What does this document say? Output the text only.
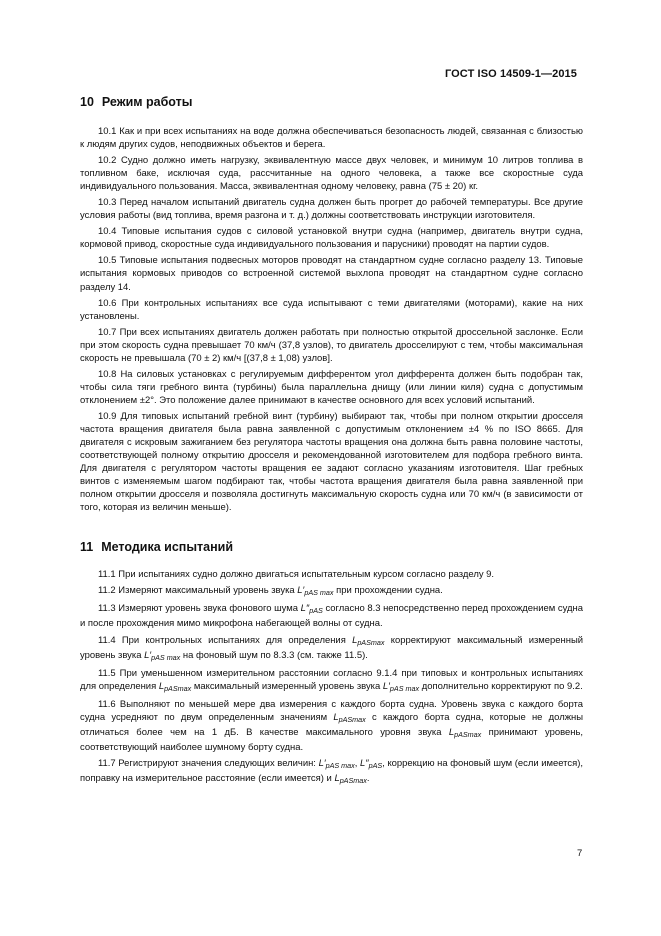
ГОСТ ISO 14509-1—2015
10 Режим работы

10.1 Как и при всех испытаниях на воде должна обеспечиваться безопасность людей, связанная с близостью к людям других судов, неподвижных объектов и берега.

10.2 Судно должно иметь нагрузку, эквивалентную массе двух человек, и минимум 10 литров топлива в топливном баке, исключая суда, рассчитанные на одного человека, а также все скоростные суда индивидуального пользования. Масса, эквивалентная одному человеку, равна (75 ± 20) кг.

10.3 Перед началом испытаний двигатель судна должен быть прогрет до рабочей температуры. Все другие условия работы (вид топлива, время разгона и т. д.) должны соответствовать инструкции изготовителя.

10.4 Типовые испытания судов с силовой установкой внутри судна (например, двигатель внутри судна, кормовой привод, скоростные суда индивидуального пользования и парусники) проводят на партии судов.

10.5 Типовые испытания подвесных моторов проводят на стандартном судне согласно разделу 13. Типовые испытания кормовых приводов со встроенной системой выхлопа проводят на стандартном судне согласно разделу 14.

10.6 При контрольных испытаниях все суда испытывают с теми двигателями (моторами), какие на них установлены.

10.7 При всех испытаниях двигатель должен работать при полностью открытой дроссельной заслонке. Если при этом скорость судна превышает 70 км/ч (37,8 узлов), то двигатель дросселируют с тем, чтобы максимальная скорость не превышала (70 ± 2) км/ч [(37,8 ± 1,08) узлов].

10.8 На силовых установках с регулируемым дифферентом угол дифферента должен быть подобран так, чтобы сила тяги гребного винта (турбины) была параллельна днищу (или линии киля) судна с допустимым отклонением ±2°. Это положение далее принимают в качестве основного для всех условий испытаний.

10.9 Для типовых испытаний гребной винт (турбину) выбирают так, чтобы при полном открытии дросселя частота вращения двигателя была равна заявленной с допустимым отклонением ±4 % по ISO 8665. Для двигателя с искровым зажиганием без регулятора частоты вращения она должна быть равна половине частоты, соответствующей полному открытию дросселя и рекомендованной изготовителем для подбора гребного винта. Для двигателя с регулятором частоты вращения ее задают согласно указаниям изготовителя. Шаг гребных винтов с изменяемым шагом подбирают так, чтобы частота вращения двигателя была равна заявленной при полном открытии дросселя и позволяла достигнуть максимальную скорость судна или 70 км/ч (в зависимости от того, которая из величин меньше).

11 Методика испытаний

11.1 При испытаниях судно должно двигаться испытательным курсом согласно разделу 9.

11.2 Измеряют максимальный уровень звука $L'_{pAS max}$ при прохождении судна.

11.3 Измеряют уровень звука фонового шума $L''_{pAS}$ согласно 8.3 непосредственно перед прохождением судна и после прохождения мимо микрофона набегающей волны от судна.

11.4 При контрольных испытаниях для определения $L_{pASmax}$ корректируют максимальный измеренный уровень звука $L'_{pAS max}$ на фоновый шум по 8.3.3 (см. также 11.5).

11.5 При уменьшенном измерительном расстоянии согласно 9.1.4 при типовых и контрольных испытаниях для определения $L_{pASmax}$ максимальный измеренный уровень звука $L'_{pAS max}$ дополнительно корректируют по 9.2.

11.6 Выполняют по меньшей мере два измерения с каждого борта судна. Уровень звука с каждого борта судна усредняют по двум определенным значениям $L_{pASmax}$ с каждого борта судна, которые не должны отличаться более чем на 1 дБ. В качестве максимального уровня звука $L_{pASmax}$ принимают уровень, соответствующий наиболее шумному борту судна.

11.7 Регистрируют значения следующих величин: $L'_{pAS max}$, $L''_{pAS}$, коррекцию на фоновый шум (если имеется), поправку на измерительное расстояние (если имеется) и $L_{pASmax}$.

7
